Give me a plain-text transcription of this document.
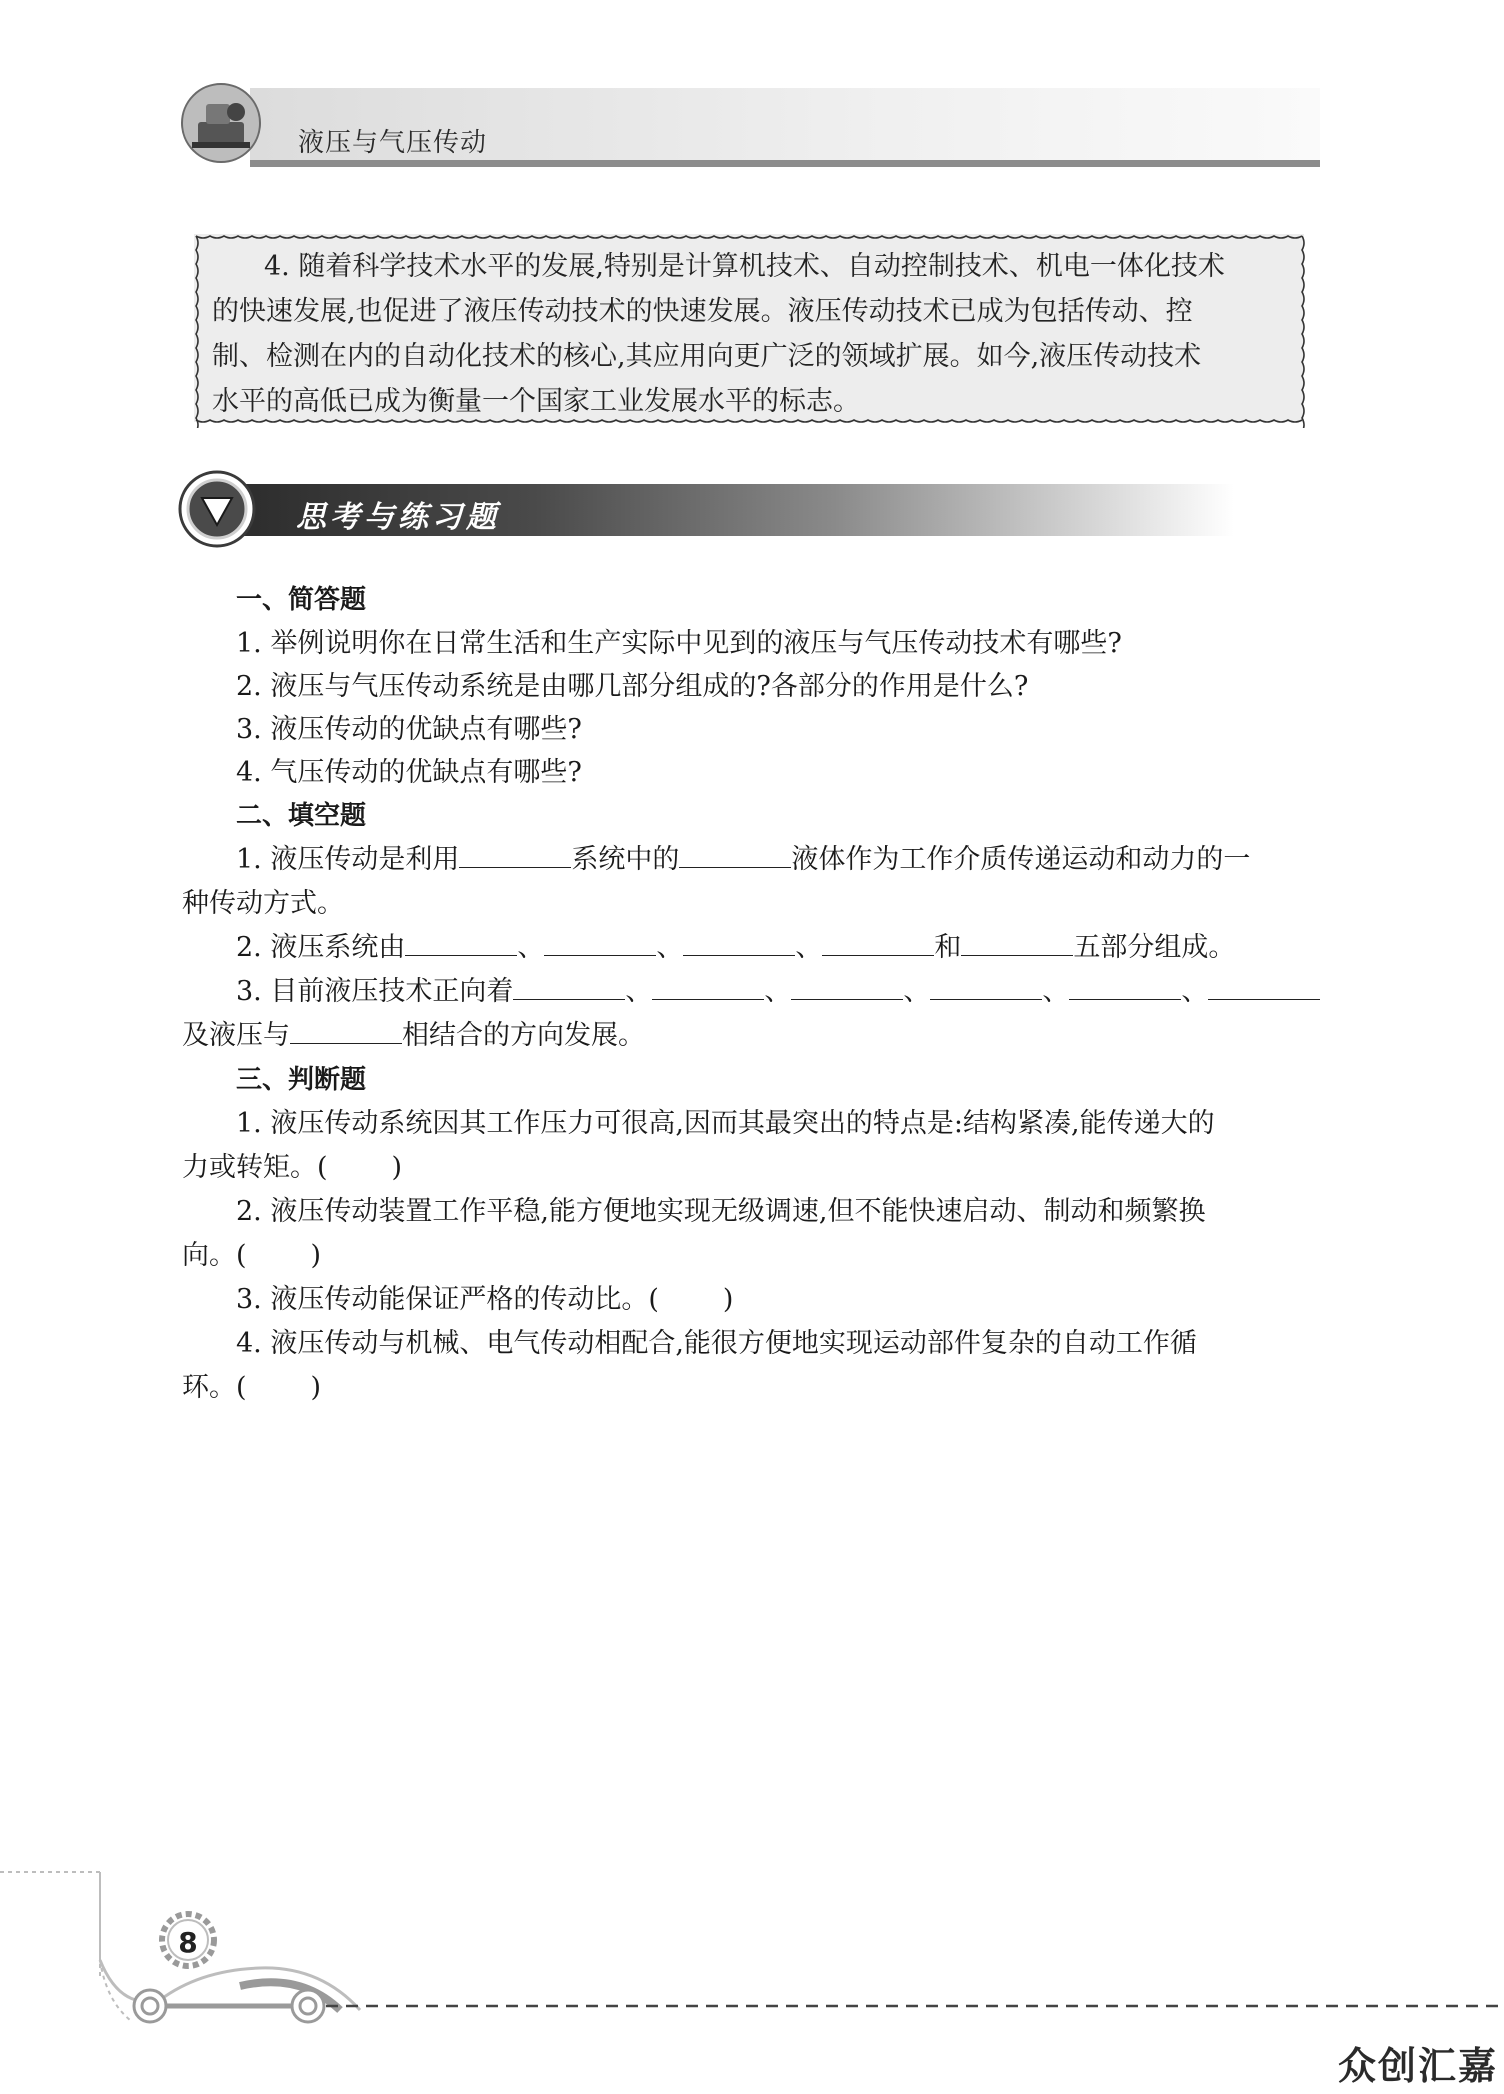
液压与气压传动
4. 随着科学技术水平的发展,特别是计算机技术、自动控制技术、机电一体化技术
的快速发展,也促进了液压传动技术的快速发展。液压传动技术已成为包括传动、控
制、检测在内的自动化技术的核心,其应用向更广泛的领域扩展。如今,液压传动技术
水平的高低已成为衡量一个国家工业发展水平的标志。
思考与练习题
一、简答题
1. 举例说明你在日常生活和生产实际中见到的液压与气压传动技术有哪些?
2. 液压与气压传动系统是由哪几部分组成的?各部分的作用是什么?
3. 液压传动的优缺点有哪些?
4. 气压传动的优缺点有哪些?
二、填空题
1. 液压传动是利用	系统中的	液体作为工作介质传递运动和动力的一
种传动方式。
2. 液压系统由	、	、	、	和	五部分组成。
3. 目前液压技术正向着	、	、	、	、	、
及液压与	相结合的方向发展。
三、判断题
1. 液压传动系统因其工作压力可很高,因而其最突出的特点是:结构紧凑,能传递大的
力或转矩。( )
2. 液压传动装置工作平稳,能方便地实现无级调速,但不能快速启动、制动和频繁换
向。( )
3. 液压传动能保证严格的传动比。( )
4. 液压传动与机械、电气传动相配合,能很方便地实现运动部件复杂的自动工作循
环。( )
8
众创汇嘉
